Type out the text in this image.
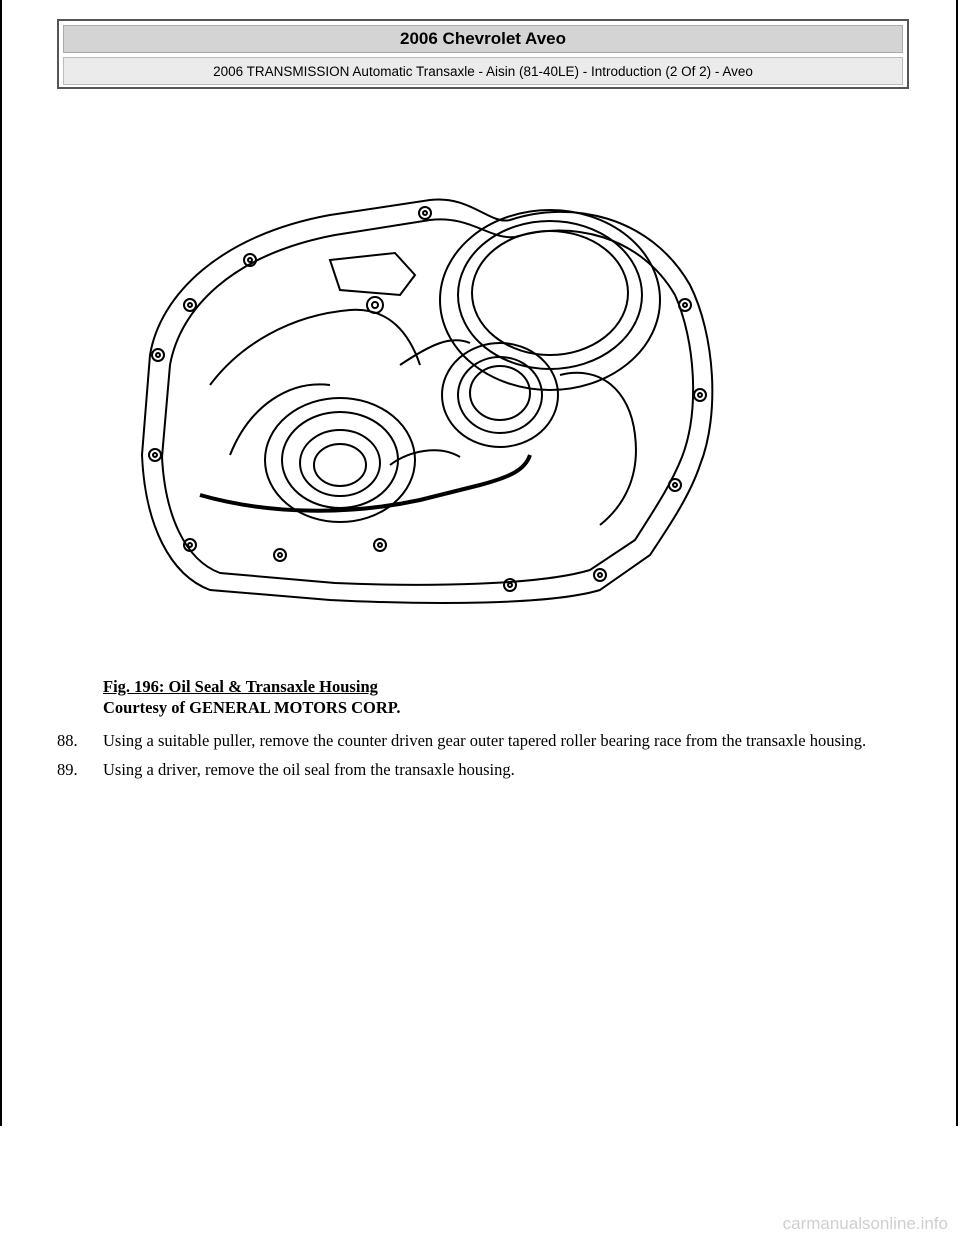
2006 Chevrolet Aveo
2006 TRANSMISSION Automatic Transaxle - Aisin (81-40LE) - Introduction (2 Of 2) - Aveo
Fig. 196: Oil Seal & Transaxle Housing
Courtesy of GENERAL MOTORS CORP.
88. Using a suitable puller, remove the counter driven gear outer tapered roller bearing race from the transaxle housing.
89. Using a driver, remove the oil seal from the transaxle housing.
carmanualsonline.info
